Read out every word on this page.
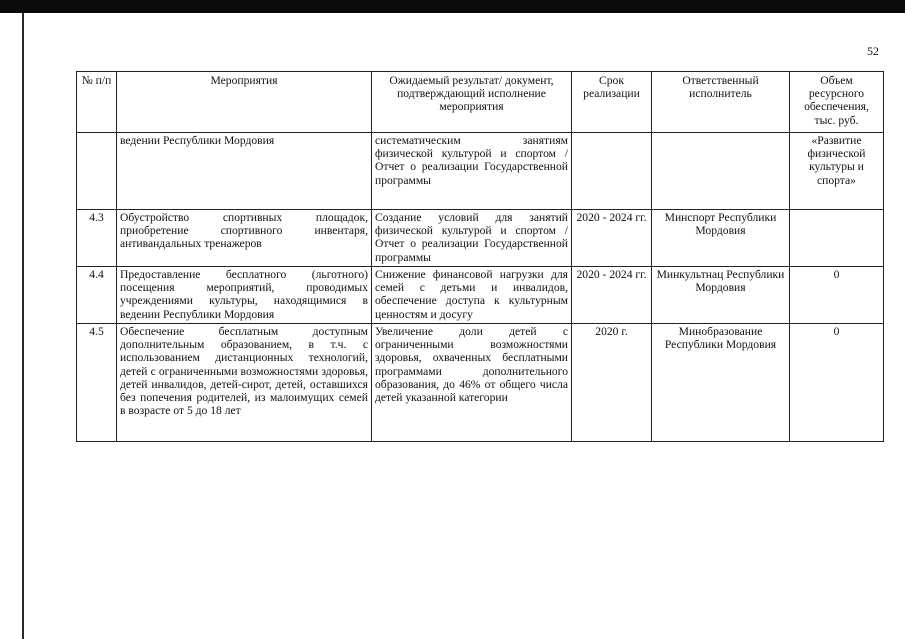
52
№ п/п	Мероприятия	Ожидаемый результат/ документ, подтверждающий исполнение мероприятия	Срок реализации	Ответственный исполнитель	Объем ресурсного обеспечения, тыс. руб.
	ведении Республики Мордовия	систематическим занятиям физической культурой и спортом / Отчет о реализации Государственной программы			«Развитие физической культуры и спорта»
4.3	Обустройство спортивных площадок, приобретение спортивного инвентаря, антивандальных тренажеров	Создание условий для занятий физической культурой и спортом / Отчет о реализации Государственной программы	2020 - 2024 гг.	Минспорт Республики Мордовия	
4.4	Предоставление бесплатного (льготного) посещения мероприятий, проводимых учреждениями культуры, находящимися в ведении Республики Мордовия	Снижение финансовой нагрузки для семей с детьми и инвалидов, обеспечение доступа к культурным ценностям и досугу	2020 - 2024 гг.	Минкультнац Республики Мордовия	0
4.5	Обеспечение бесплатным доступным дополнительным образованием, в т.ч. с использованием дистанционных технологий, детей с ограниченными возможностями здоровья, детей инвалидов, детей-сирот, детей, оставшихся без попечения родителей, из малоимущих семей в возрасте от 5 до 18 лет	Увеличение доли детей с ограниченными возможностями здоровья, охваченных бесплатными программами дополнительного образования, до 46% от общего числа детей указанной категории	2020 г.	Минобразование Республики Мордовия	0
